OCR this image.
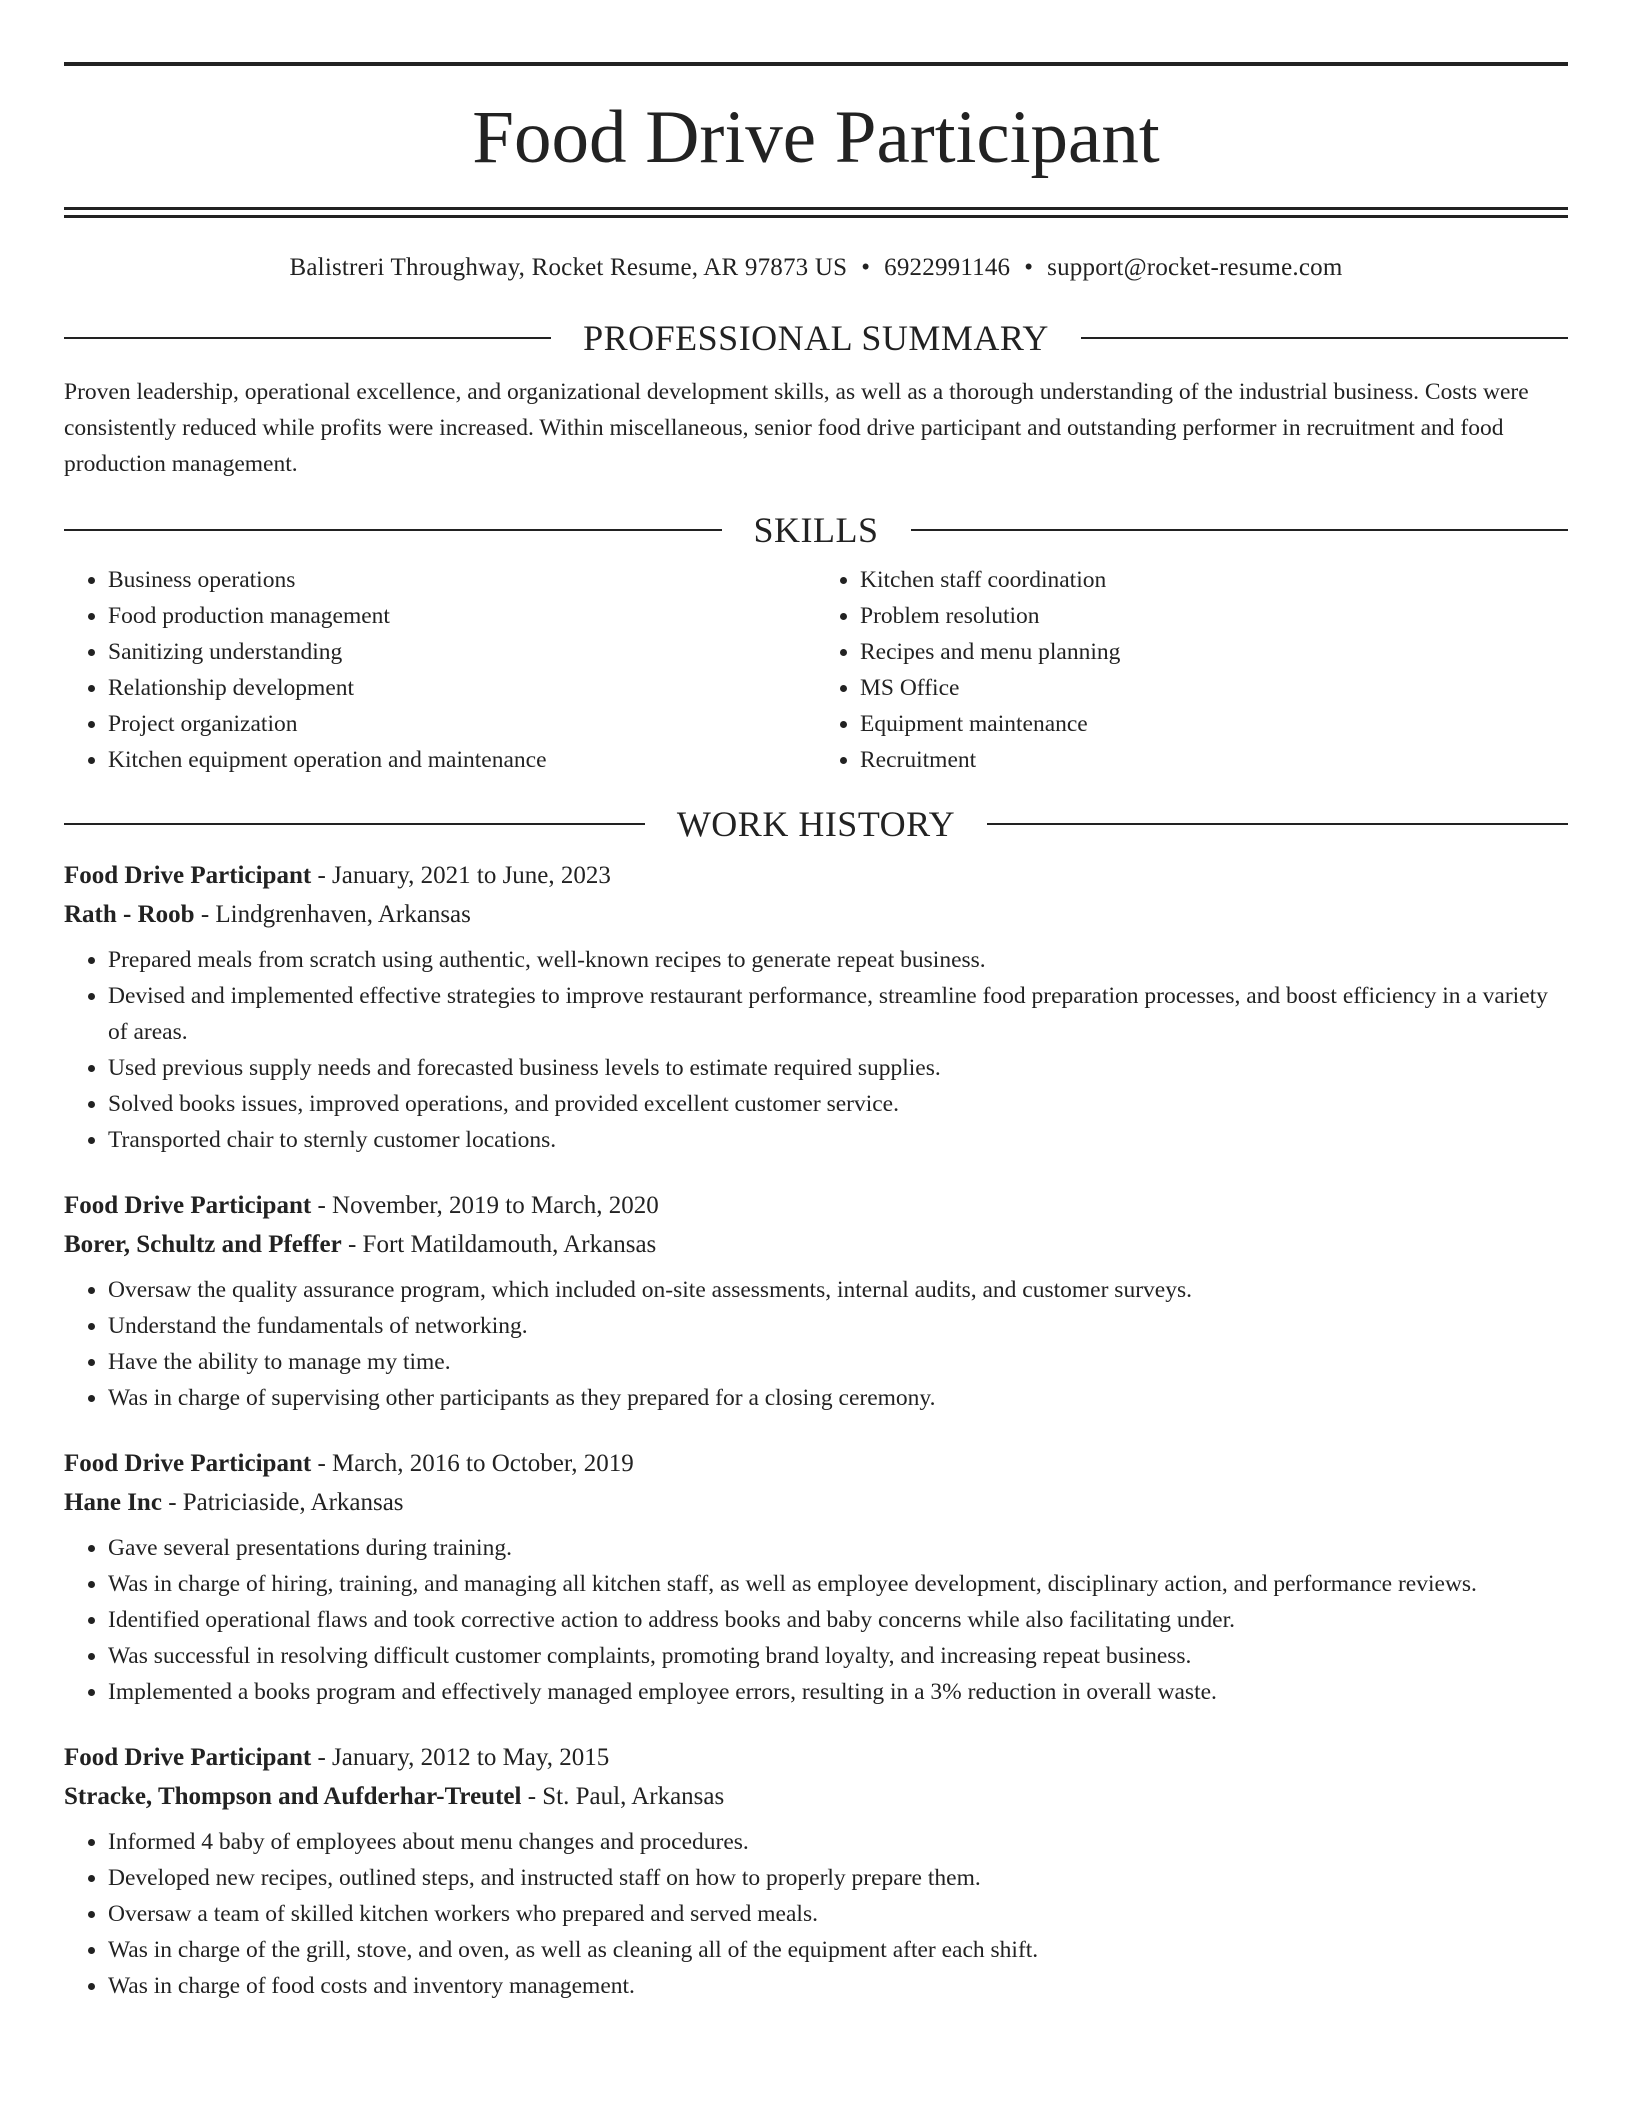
Food Drive Participant
Balistreri Throughway, Rocket Resume, AR 97873 US • 6922991146 • support@rocket-resume.com
PROFESSIONAL SUMMARY

Proven leadership, operational excellence, and organizational development skills, as well as a thorough understanding of the industrial business. Costs were consistently reduced while profits were increased. Within miscellaneous, senior food drive participant and outstanding performer in recruitment and food production management.

SKILLS
• Business operations
• Food production management
• Sanitizing understanding
• Relationship development
• Project organization
• Kitchen equipment operation and maintenance
• Kitchen staff coordination
• Problem resolution
• Recipes and menu planning
• MS Office
• Equipment maintenance
• Recruitment
WORK HISTORY
Food Drive Participant - January, 2021 to June, 2023
Rath - Roob - Lindgrenhaven, Arkansas
• Prepared meals from scratch using authentic, well-known recipes to generate repeat business.
• Devised and implemented effective strategies to improve restaurant performance, streamline food preparation processes, and boost efficiency in a variety of areas.
• Used previous supply needs and forecasted business levels to estimate required supplies.
• Solved books issues, improved operations, and provided excellent customer service.
• Transported chair to sternly customer locations.
Food Drive Participant - November, 2019 to March, 2020
Borer, Schultz and Pfeffer - Fort Matildamouth, Arkansas
• Oversaw the quality assurance program, which included on-site assessments, internal audits, and customer surveys.
• Understand the fundamentals of networking.
• Have the ability to manage my time.
• Was in charge of supervising other participants as they prepared for a closing ceremony.
Food Drive Participant - March, 2016 to October, 2019
Hane Inc - Patriciaside, Arkansas
• Gave several presentations during training.
• Was in charge of hiring, training, and managing all kitchen staff, as well as employee development, disciplinary action, and performance reviews.
• Identified operational flaws and took corrective action to address books and baby concerns while also facilitating under.
• Was successful in resolving difficult customer complaints, promoting brand loyalty, and increasing repeat business.
• Implemented a books program and effectively managed employee errors, resulting in a 3% reduction in overall waste.
Food Drive Participant - January, 2012 to May, 2015
Stracke, Thompson and Aufderhar-Treutel - St. Paul, Arkansas
• Informed 4 baby of employees about menu changes and procedures.
• Developed new recipes, outlined steps, and instructed staff on how to properly prepare them.
• Oversaw a team of skilled kitchen workers who prepared and served meals.
• Was in charge of the grill, stove, and oven, as well as cleaning all of the equipment after each shift.
• Was in charge of food costs and inventory management.
